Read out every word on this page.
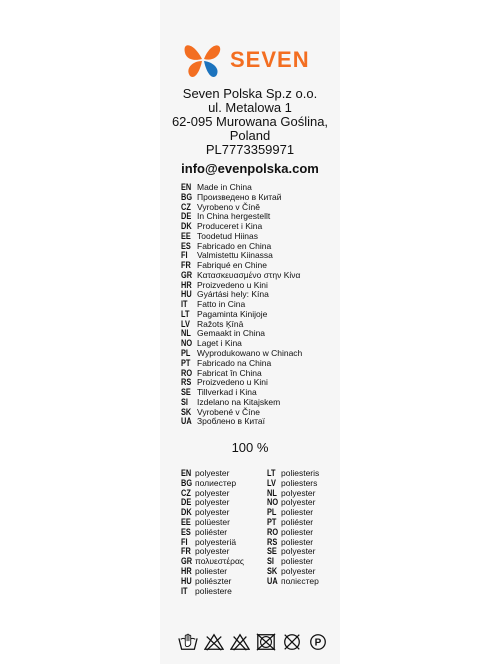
SEVEN
Seven Polska Sp.z o.o.
ul. Metalowa 1
62-095 Murowana Goślina,
Poland
PL7773359971
info@evenpolska.com
EN Made in China
BG Произведено в Китай
CZ Vyrobeno v Číně
DE In China hergestellt
DK Produceret i Kina
EE Toodetud Hiinas
ES Fabricado en China
FI	Valmistettu Kiinassa
FR Fabriqué en Chine
GR Κατασκευασμένο στην Κίνα
HR Proizvedeno u Kini
HU Gyártási hely: Kína
IT	Fatto in Cina
LT Pagaminta Kinijoje
LV Ražots Ķīnā
NL Gemaakt in China
NO Laget i Kina
PL Wyprodukowano w Chinach
PT Fabricado na China
RO Fabricat în China
RS Proizvedeno u Kini
SE Tillverkad i Kina
SI	Izdelano na Kitajskem
SK Vyrobené v Číne
UA Зроблено в Китаї
100 %
EN polyester
BG полиестер
CZ polyester
DE polyester
DK polyester
EE polüester
ES poliéster
FI polyesteriä
FR polyester
GR πολυεστέρας
HR poliester
HU poliészter
IT poliestere
LT poliesteris
LV poliesters
NL polyester
NO polyester
PL poliester
PT poliéster
RO poliester
RS poliester
SE polyester
SI poliester
SK polyester
UA полієстер
P
